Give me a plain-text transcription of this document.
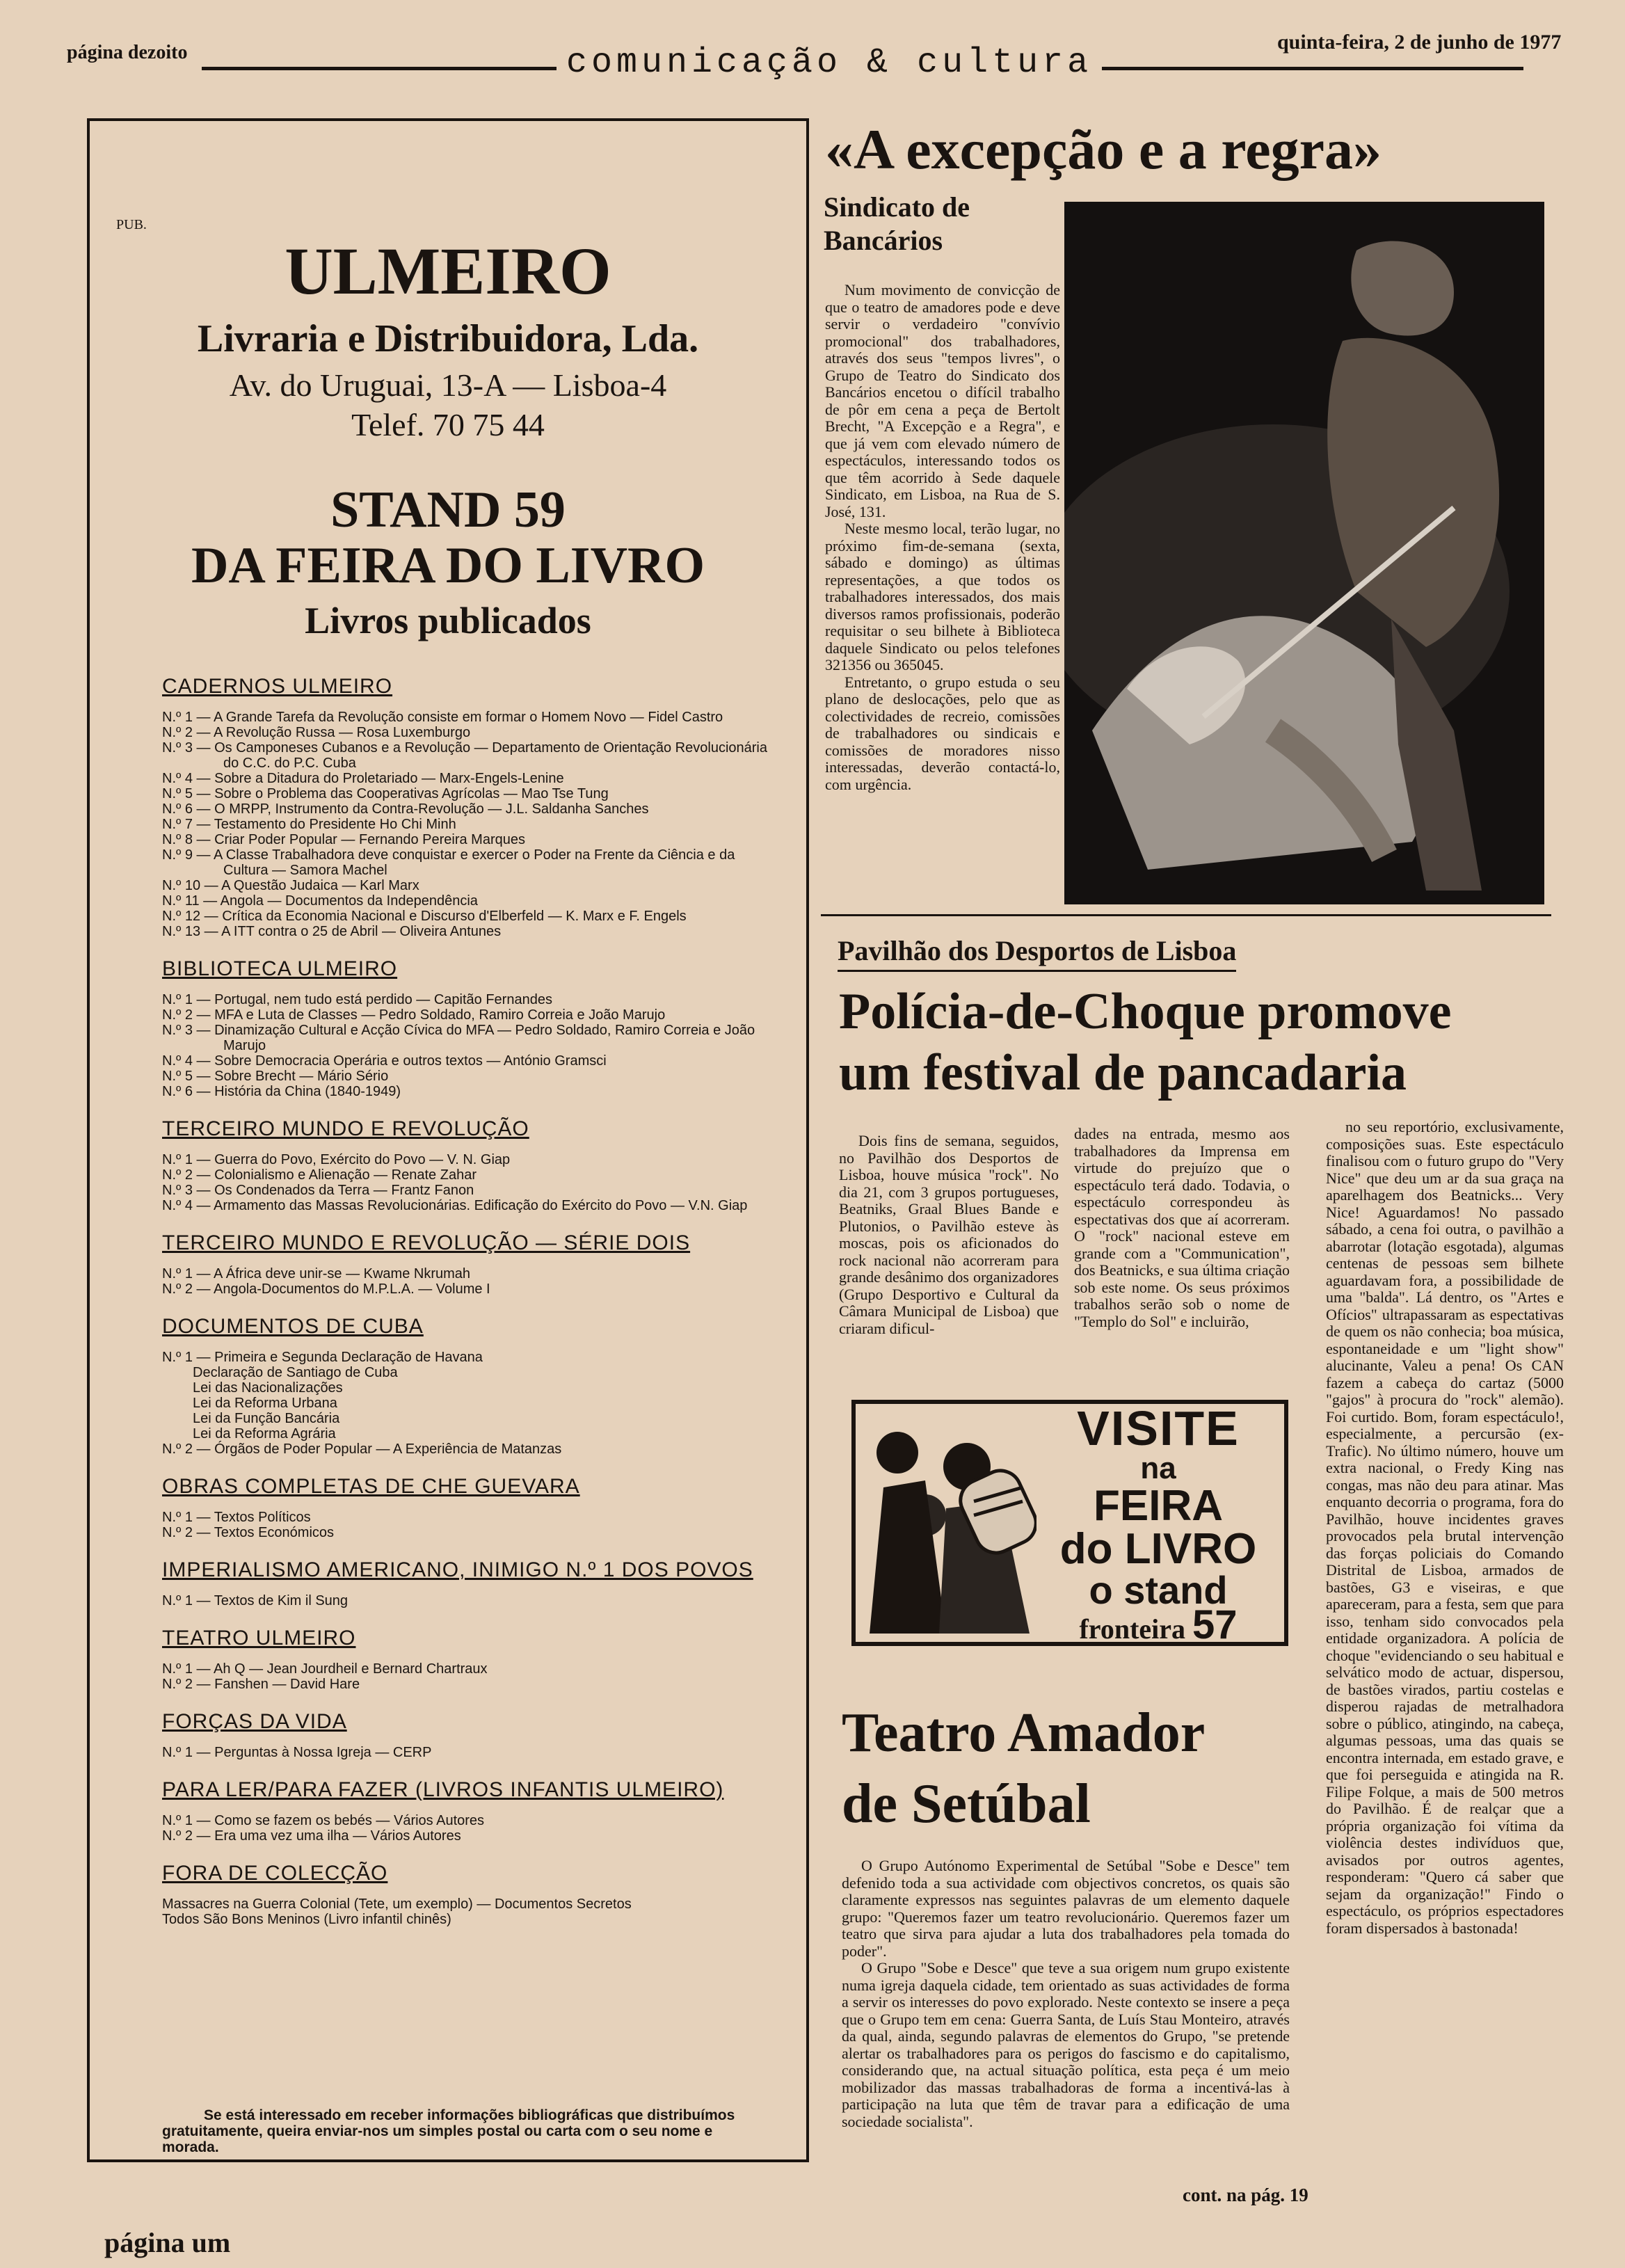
página dezoito	comunicação & cultura
quinta-feira, 2 de junho de 1977
PUB.
ULMEIRO
Livraria e Distribuidora, Lda.
Av. do Uruguai, 13-A — Lisboa-4
Telef. 70 75 44
STAND 59
DA FEIRA DO LIVRO
Livros publicados
CADERNOS ULMEIRO
N.º 1 — A Grande Tarefa da Revolução consiste em formar o Homem Novo — Fidel Castro
N.º 2 — A Revolução Russa — Rosa Luxemburgo
N.º 3 — Os Camponeses Cubanos e a Revolução — Departamento de Orientação Revolucionária do C.C. do P.C. Cuba
N.º 4 — Sobre a Ditadura do Proletariado — Marx-Engels-Lenine
N.º 5 — Sobre o Problema das Cooperativas Agrícolas — Mao Tse Tung
N.º 6 — O MRPP, Instrumento da Contra-Revolução — J.L. Saldanha Sanches
N.º 7 — Testamento do Presidente Ho Chi Minh
N.º 8 — Criar Poder Popular — Fernando Pereira Marques
N.º 9 — A Classe Trabalhadora deve conquistar e exercer o Poder na Frente da Ciência e da Cultura — Samora Machel
N.º 10 — A Questão Judaica — Karl Marx
N.º 11 — Angola — Documentos da Independência
N.º 12 — Crítica da Economia Nacional e Discurso d'Elberfeld — K. Marx e F. Engels
N.º 13 — A ITT contra o 25 de Abril — Oliveira Antunes
BIBLIOTECA ULMEIRO
N.º 1 — Portugal, nem tudo está perdido — Capitão Fernandes
N.º 2 — MFA e Luta de Classes — Pedro Soldado, Ramiro Correia e João Marujo
N.º 3 — Dinamização Cultural e Acção Cívica do MFA — Pedro Soldado, Ramiro Correia e João Marujo
N.º 4 — Sobre Democracia Operária e outros textos — António Gramsci
N.º 5 — Sobre Brecht — Mário Sério
N.º 6 — História da China (1840-1949)
TERCEIRO MUNDO E REVOLUÇÃO
N.º 1 — Guerra do Povo, Exército do Povo — V. N. Giap
N.º 2 — Colonialismo e Alienação — Renate Zahar
N.º 3 — Os Condenados da Terra — Frantz Fanon
N.º 4 — Armamento das Massas Revolucionárias. Edificação do Exército do Povo — V.N. Giap
TERCEIRO MUNDO E REVOLUÇÃO — SÉRIE DOIS
N.º 1 — A África deve unir-se — Kwame Nkrumah
N.º 2 — Angola-Documentos do M.P.L.A. — Volume I
DOCUMENTOS DE CUBA
N.º 1 — Primeira e Segunda Declaração de Havana
Declaração de Santiago de Cuba
Lei das Nacionalizações
Lei da Reforma Urbana
Lei da Função Bancária
Lei da Reforma Agrária
N.º 2 — Órgãos de Poder Popular — A Experiência de Matanzas
OBRAS COMPLETAS DE CHE GUEVARA
N.º 1 — Textos Políticos
N.º 2 — Textos Económicos
IMPERIALISMO AMERICANO, INIMIGO N.º 1 DOS POVOS
N.º 1 — Textos de Kim il Sung
TEATRO ULMEIRO
N.º 1 — Ah Q — Jean Jourdheil e Bernard Chartraux
N.º 2 — Fanshen — David Hare
FORÇAS DA VIDA
N.º 1 — Perguntas à Nossa Igreja — CERP
PARA LER/PARA FAZER (LIVROS INFANTIS ULMEIRO)
N.º 1 — Como se fazem os bebés — Vários Autores
N.º 2 — Era uma vez uma ilha — Vários Autores
FORA DE COLECÇÃO
Massacres na Guerra Colonial (Tete, um exemplo) — Documentos Secretos
Todos São Bons Meninos (Livro infantil chinês)
Se está interessado em receber informações bibliográficas que distribuímos gratuitamente, queira enviar-nos um simples postal ou carta com o seu nome e morada.
«A excepção e a regra»
Sindicato de Bancários
Num movimento de convicção de que o teatro de amadores pode e deve servir o verdadeiro "convívio promocional" dos trabalhadores, através dos seus "tempos livres", o Grupo de Teatro do Sindicato dos Bancários encetou o difícil trabalho de pôr em cena a peça de Bertolt Brecht, "A Excepção e a Regra", e que já vem com elevado número de espectáculos, interessando todos os que têm acorrido à Sede daquele Sindicato, em Lisboa, na Rua de S. José, 131.
Neste mesmo local, terão lugar, no próximo fim-de-semana (sexta, sábado e domingo) as últimas representações, a que todos os trabalhadores interessados, dos mais diversos ramos profissionais, poderão requisitar o seu bilhete à Biblioteca daquele Sindicato ou pelos telefones 321356 ou 365045.
Entretanto, o grupo estuda o seu plano de deslocações, pelo que as colectividades de recreio, comissões de trabalhadores ou sindicais e comissões de moradores nisso interessadas, deverão contactá-lo, com urgência.
Pavilhão dos Desportos de Lisboa
Polícia-de-Choque promove
um festival de pancadaria
Dois fins de semana, seguidos, no Pavilhão dos Desportos de Lisboa, houve música "rock". No dia 21, com 3 grupos portugueses, Beatniks, Graal Blues Bande e Plutonios, o Pavilhão esteve às moscas, pois os aficionados do rock nacional não acorreram para grande desânimo dos organizadores (Grupo Desportivo e Cultural da Câmara Municipal de Lisboa) que criaram dificul-
dades na entrada, mesmo aos trabalhadores da Imprensa em virtude do prejuízo que o espectáculo terá dado. Todavia, o espectáculo correspondeu às espectativas dos que aí acorreram. O "rock" nacional esteve em grande com a "Communication", dos Beatnicks, e sua última criação sob este nome. Os seus próximos trabalhos serão sob o nome de "Templo do Sol" e incluirão,
no seu reportório, exclusivamente, composições suas. Este espectáculo finalisou com o futuro grupo do "Very Nice" que deu um ar da sua graça na aparelhagem dos Beatnicks... Very Nice! Aguardamos! No passado sábado, a cena foi outra, o pavilhão a abarrotar (lotação esgotada), algumas centenas de pessoas sem bilhete aguardavam fora, a possibilidade de uma "balda". Lá dentro, os "Artes e Ofícios" ultrapassaram as espectativas de quem os não conhecia; boa música, espontaneidade e um "light show" alucinante, Valeu a pena! Os CAN fazem a cabeça do cartaz (5000 "gajos" à procura do "rock" alemão). Foi curtido. Bom, foram espectáculo!, especialmente, a percursão (ex-Trafic). No último número, houve um extra nacional, o Fredy King nas congas, mas não deu para atinar. Mas enquanto decorria o programa, fora do Pavilhão, houve incidentes graves provocados pela brutal intervenção das forças policiais do Comando Distrital de Lisboa, armados de bastões, G3 e viseiras, e que apareceram, para a festa, sem que para isso, tenham sido convocados pela entidade organizadora. A polícia de choque "evidenciando o seu habitual e selvático modo de actuar, dispersou, de bastões virados, partiu costelas e disperou rajadas de metralhadora sobre o público, atingindo, na cabeça, algumas pessoas, uma das quais se encontra internada, em estado grave, e que foi perseguida e atingida na R. Filipe Folque, a mais de 500 metros do Pavilhão. É de realçar que a própria organização foi vítima da violência destes indivíduos que, avisados por outros agentes, responderam: "Quero cá saber que sejam da organização!" Findo o espectáculo, os próprios espectadores foram dispersados à bastonada!
VISITE
na
FEIRA
do LIVRO
o stand
fronteira 57
Teatro Amador
de Setúbal
O Grupo Autónomo Experimental de Setúbal "Sobe e Desce" tem defenido toda a sua actividade com objectivos concretos, os quais são claramente expressos nas seguintes palavras de um elemento daquele grupo: "Queremos fazer um teatro revolucionário. Queremos fazer um teatro que sirva para ajudar a luta dos trabalhadores pela tomada do poder".
O Grupo "Sobe e Desce" que teve a sua origem num grupo existente numa igreja daquela cidade, tem orientado as suas actividades de forma a servir os interesses do povo explorado. Neste contexto se insere a peça que o Grupo tem em cena: Guerra Santa, de Luís Stau Monteiro, através da qual, ainda, segundo palavras de elementos do Grupo, "se pretende alertar os trabalhadores para os perigos do fascismo e do capitalismo, considerando que, na actual situação política, esta peça é um meio mobilizador das massas trabalhadoras de forma a incentivá-las à participação na luta que têm de travar para a edificação de uma sociedade socialista".
cont. na pág. 19
página um
